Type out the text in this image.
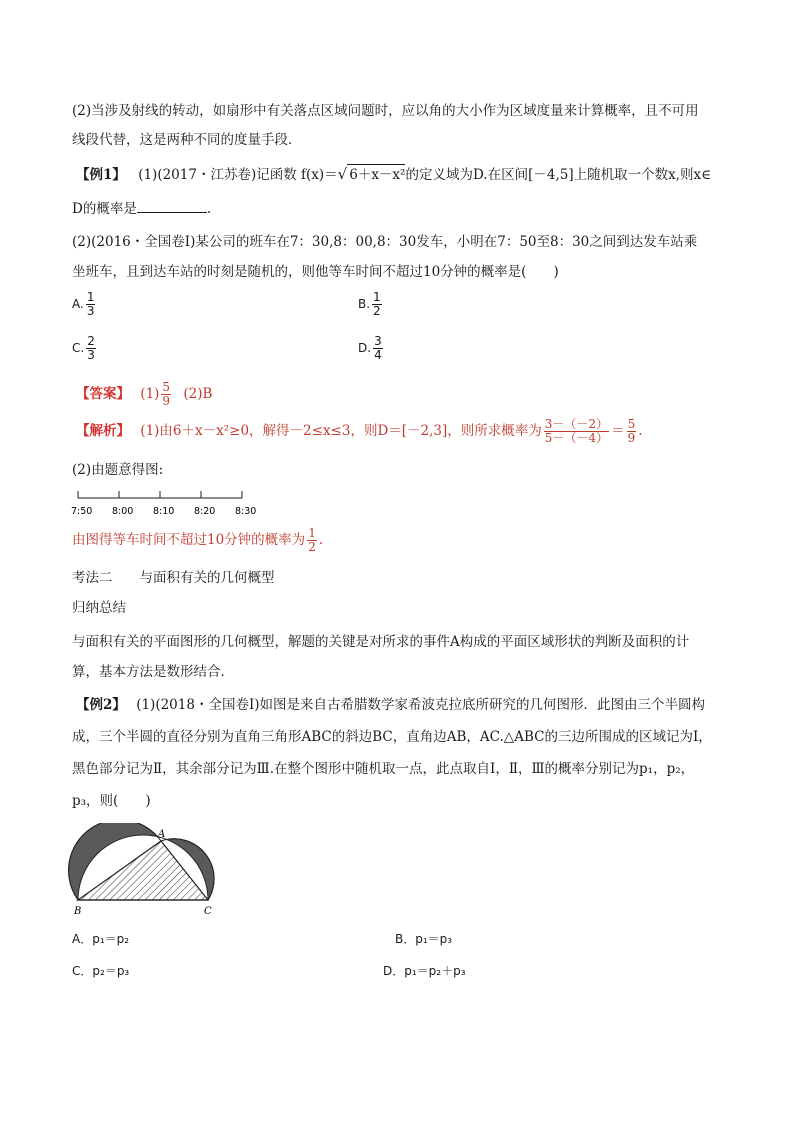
(2)当涉及射线的转动，如扇形中有关落点区域问题时，应以角的大小作为区域度量来计算概率，且不可用
线段代替，这是两种不同的度量手段．
【例1】 (1)(2017・江苏卷)记函数 f(x)＝√ 6＋x－x²的定义域为D.在区间[－4,5]上随机取一个数x,则x∈
D的概率是	.
(2)(2016・全国卷Ⅰ)某公司的班车在7：30,8：00,8：30发车，小明在7：50至8：30之间到达发车站乘
坐班车，且到达车站的时刻是随机的，则他等车时间不超过10分钟的概率是(　　)
A. $\frac{1}{3}$	B. $\frac{1}{2}$
C. $\frac{2}{3}$	D. $\frac{3}{4}$
【答案】 $(1) \frac{5}{9} (2)B$
【解析】 (1)由6＋x－x²≥0，解得－2≤x≤3，则D＝[－2,3]，则所求概率为 $\frac{3-(-2)}{5-(-4)} = \frac{5}{9}$ .
(2)由题意得图:
7:50 8:00 8:10 8:20 8:30
由图得等车时间不超过10分钟的概率为 $\frac{1}{2}$ .
考法二　　与面积有关的几何概型
归纳总结
与面积有关的平面图形的几何概型，解题的关键是对所求的事件A构成的平面区域形状的判断及面积的计
算，基本方法是数形结合．
【例2】 (1)(2018・全国卷Ⅰ)如图是来自古希腊数学家希波克拉底所研究的几何图形．此图由三个半圆构
成，三个半圆的直径分别为直角三角形ABC的斜边BC，直角边AB，AC.△ABC的三边所围成的区域记为Ⅰ，
黑色部分记为Ⅱ，其余部分记为Ⅲ.在整个图形中随机取一点，此点取自Ⅰ，Ⅱ，Ⅲ的概率分别记为p₁，p₂，
p₃，则(　　)
A
B	C
A．p₁＝p₂	B．p₁＝p₃
C．p₂＝p₃	D．p₁＝p₂＋p₃
